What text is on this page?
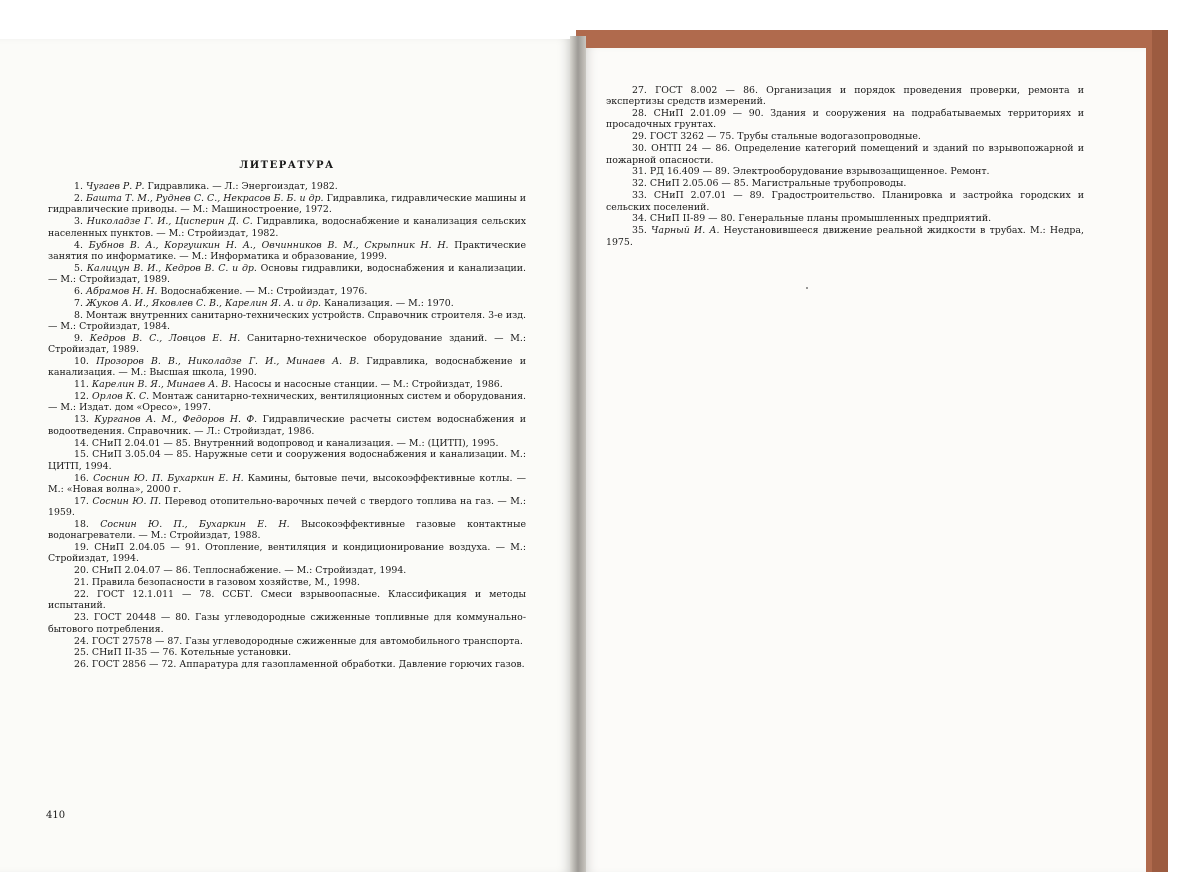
ЛИТЕРАТУРА
1. Чугаев Р. Р. Гидравлика. — Л.: Энергоиздат, 1982.
2. Башта Т. М., Руднев С. С., Некрасов Б. Б. и др. Гидравлика, гидравлические машины и гидравлические приводы. — М.: Машиностроение, 1972.
3. Николадзе Г. И., Цисперин Д. С. Гидравлика, водоснабжение и канализация сельских населенных пунктов. — М.: Стройиздат, 1982.
4. Бубнов В. А., Коргушкин Н. А., Овчинников В. М., Скрыпник Н. Н. Практические занятия по информатике. — М.: Информатика и образование, 1999.
5. Калицун В. И., Кедров В. С. и др. Основы гидравлики, водоснабжения и канализации. — М.: Стройиздат, 1989.
6. Абрамов Н. Н. Водоснабжение. — М.: Стройиздат, 1976.
7. Жуков А. И., Яковлев С. В., Карелин Я. А. и др. Канализация. — М.: 1970.
8. Монтаж внутренних санитарно-технических устройств. Справочник строителя. 3-е изд. — М.: Стройиздат, 1984.
9. Кедров В. С., Ловцов Е. Н. Санитарно-техническое оборудование зданий. — М.: Стройиздат, 1989.
10. Прозоров В. В., Николадзе Г. И., Минаев А. В. Гидравлика, водоснабжение и канализация. — М.: Высшая школа, 1990.
11. Карелин В. Я., Минаев А. В. Насосы и насосные станции. — М.: Стройиздат, 1986.
12. Орлов К. С. Монтаж санитарно-технических, вентиляционных систем и оборудования. — М.: Издат. дом «Оресо», 1997.
13. Курганов А. М., Федоров Н. Ф. Гидравлические расчеты систем водоснабжения и водоотведения. Справочник. — Л.: Стройиздат, 1986.
14. СНиП 2.04.01 — 85. Внутренний водопровод и канализация. — М.: (ЦИТП), 1995.
15. СНиП 3.05.04 — 85. Наружные сети и сооружения водоснабжения и канализации. М.: ЦИТП, 1994.
16. Соснин Ю. П. Бухаркин Е. Н. Камины, бытовые печи, высокоэффективные котлы. — М.: «Новая волна», 2000 г.
17. Соснин Ю. П. Перевод отопительно-варочных печей с твердого топлива на газ. — М.: 1959.
18. Соснин Ю. П., Бухаркин Е. Н. Высокоэффективные газовые контактные водонагреватели. — М.: Стройиздат, 1988.
19. СНиП 2.04.05 — 91. Отопление, вентиляция и кондиционирование воздуха. — М.: Стройиздат, 1994.
20. СНиП 2.04.07 — 86. Теплоснабжение. — М.: Стройиздат, 1994.
21. Правила безопасности в газовом хозяйстве, М., 1998.
22. ГОСТ 12.1.011 — 78. ССБТ. Смеси взрывоопасные. Классификация и методы испытаний.
23. ГОСТ 20448 — 80. Газы углеводородные сжиженные топливные для коммунально-бытового потребления.
24. ГОСТ 27578 — 87. Газы углеводородные сжиженные для автомобильного транспорта.
25. СНиП II-35 — 76. Котельные установки.
26. ГОСТ 2856 — 72. Аппаратура для газопламенной обработки. Давление горючих газов.
27. ГОСТ 8.002 — 86. Организация и порядок проведения проверки, ремонта и экспертизы средств измерений.
28. СНиП 2.01.09 — 90. Здания и сооружения на подрабатываемых территориях и просадочных грунтах.
29. ГОСТ 3262 — 75. Трубы стальные водогазопроводные.
30. ОНТП 24 — 86. Определение категорий помещений и зданий по взрывопожарной и пожарной опасности.
31. РД 16.409 — 89. Электрооборудование взрывозащищенное. Ремонт.
32. СНиП 2.05.06 — 85. Магистральные трубопроводы.
33. СНиП 2.07.01 — 89. Градостроительство. Планировка и застройка городских и сельских поселений.
34. СНиП II-89 — 80. Генеральные планы промышленных предприятий.
35. Чарный И. А. Неустановившееся движение реальной жидкости в трубах. М.: Недра, 1975.
410
